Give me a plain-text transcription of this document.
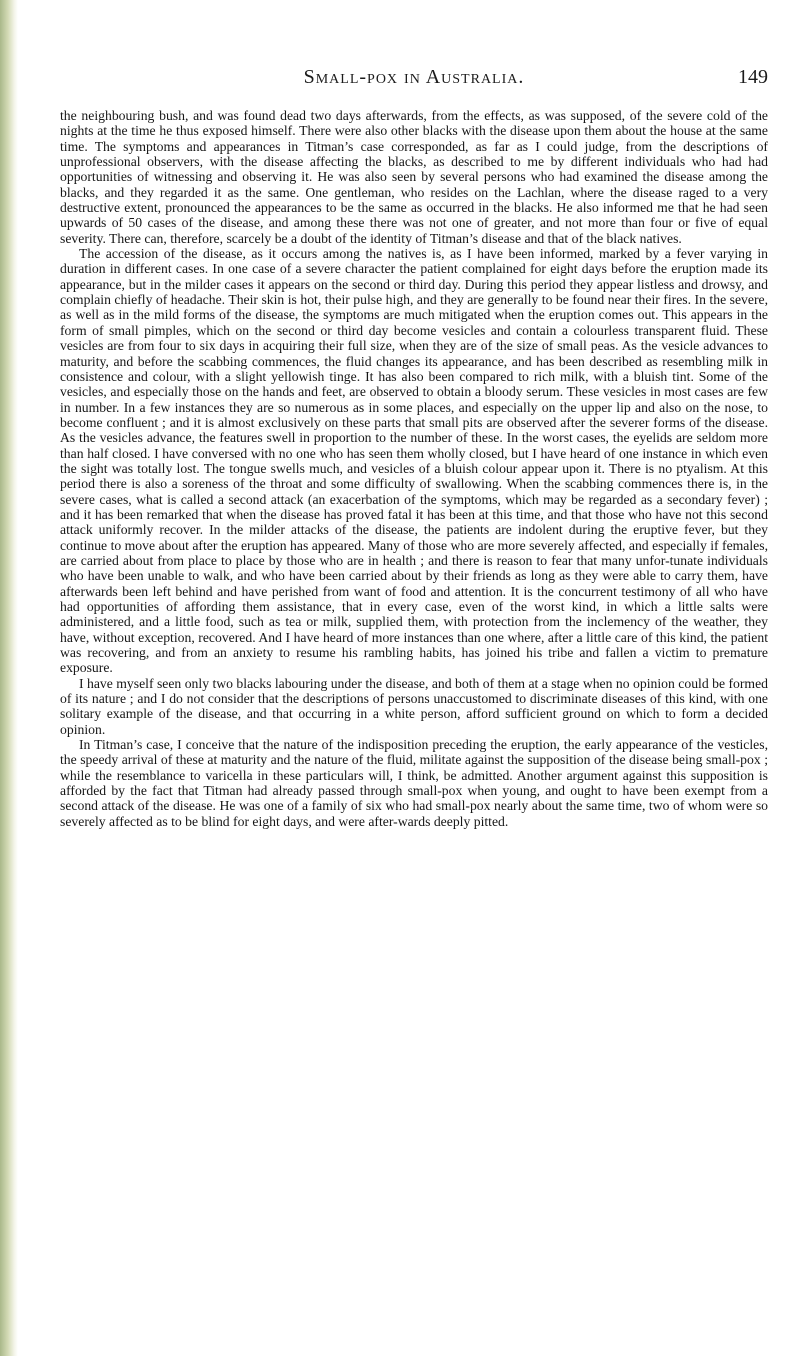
Small-pox in Australia.	149

the neighbouring bush, and was found dead two days afterwards, from the effects, as was supposed, of the severe cold of the nights at the time he thus exposed himself. There were also other blacks with the disease upon them about the house at the same time. The symptoms and appearances in Titman’s case corresponded, as far as I could judge, from the descriptions of unprofessional observers, with the disease affecting the blacks, as described to me by different individuals who had had opportunities of witnessing and observing it. He was also seen by several persons who had examined the disease among the blacks, and they regarded it as the same. One gentleman, who resides on the Lachlan, where the disease raged to a very destructive extent, pronounced the appearances to be the same as occurred in the blacks. He also informed me that he had seen upwards of 50 cases of the disease, and among these there was not one of greater, and not more than four or five of equal severity. There can, therefore, scarcely be a doubt of the identity of Titman’s disease and that of the black natives.

The accession of the disease, as it occurs among the natives is, as I have been informed, marked by a fever varying in duration in different cases. In one case of a severe character the patient complained for eight days before the eruption made its appearance, but in the milder cases it appears on the second or third day. During this period they appear listless and drowsy, and complain chiefly of headache. Their skin is hot, their pulse high, and they are generally to be found near their fires. In the severe, as well as in the mild forms of the disease, the symptoms are much mitigated when the eruption comes out. This appears in the form of small pimples, which on the second or third day become vesicles and contain a colourless transparent fluid. These vesicles are from four to six days in acquiring their full size, when they are of the size of small peas. As the vesicle advances to maturity, and before the scabbing commences, the fluid changes its appearance, and has been described as resembling milk in consistence and colour, with a slight yellowish tinge. It has also been compared to rich milk, with a bluish tint. Some of the vesicles, and especially those on the hands and feet, are observed to obtain a bloody serum. These vesicles in most cases are few in number. In a few instances they are so numerous as in some places, and especially on the upper lip and also on the nose, to become confluent ; and it is almost exclusively on these parts that small pits are observed after the severer forms of the disease. As the vesicles advance, the features swell in proportion to the number of these. In the worst cases, the eyelids are seldom more than half closed. I have conversed with no one who has seen them wholly closed, but I have heard of one instance in which even the sight was totally lost. The tongue swells much, and vesicles of a bluish colour appear upon it. There is no ptyalism. At this period there is also a soreness of the throat and some difficulty of swallowing. When the scabbing commences there is, in the severe cases, what is called a second attack (an exacerbation of the symptoms, which may be regarded as a secondary fever) ; and it has been remarked that when the disease has proved fatal it has been at this time, and that those who have not this second attack uniformly recover. In the milder attacks of the disease, the patients are indolent during the eruptive fever, but they continue to move about after the eruption has appeared. Many of those who are more severely affected, and especially if females, are carried about from place to place by those who are in health ; and there is reason to fear that many unfor-tunate individuals who have been unable to walk, and who have been carried about by their friends as long as they were able to carry them, have afterwards been left behind and have perished from want of food and attention. It is the concurrent testimony of all who have had opportunities of affording them assistance, that in every case, even of the worst kind, in which a little salts were administered, and a little food, such as tea or milk, supplied them, with protection from the inclemency of the weather, they have, without exception, recovered. And I have heard of more instances than one where, after a little care of this kind, the patient was recovering, and from an anxiety to resume his rambling habits, has joined his tribe and fallen a victim to premature exposure.

I have myself seen only two blacks labouring under the disease, and both of them at a stage when no opinion could be formed of its nature ; and I do not consider that the descriptions of persons unaccustomed to discriminate diseases of this kind, with one solitary example of the disease, and that occurring in a white person, afford sufficient ground on which to form a decided opinion.

In Titman’s case, I conceive that the nature of the indisposition preceding the eruption, the early appearance of the vesticles, the speedy arrival of these at maturity and the nature of the fluid, militate against the supposition of the disease being small-pox ; while the resemblance to varicella in these particulars will, I think, be admitted. Another argument against this supposition is afforded by the fact that Titman had already passed through small-pox when young, and ought to have been exempt from a second attack of the disease. He was one of a family of six who had small-pox nearly about the same time, two of whom were so severely affected as to be blind for eight days, and were after-wards deeply pitted.
